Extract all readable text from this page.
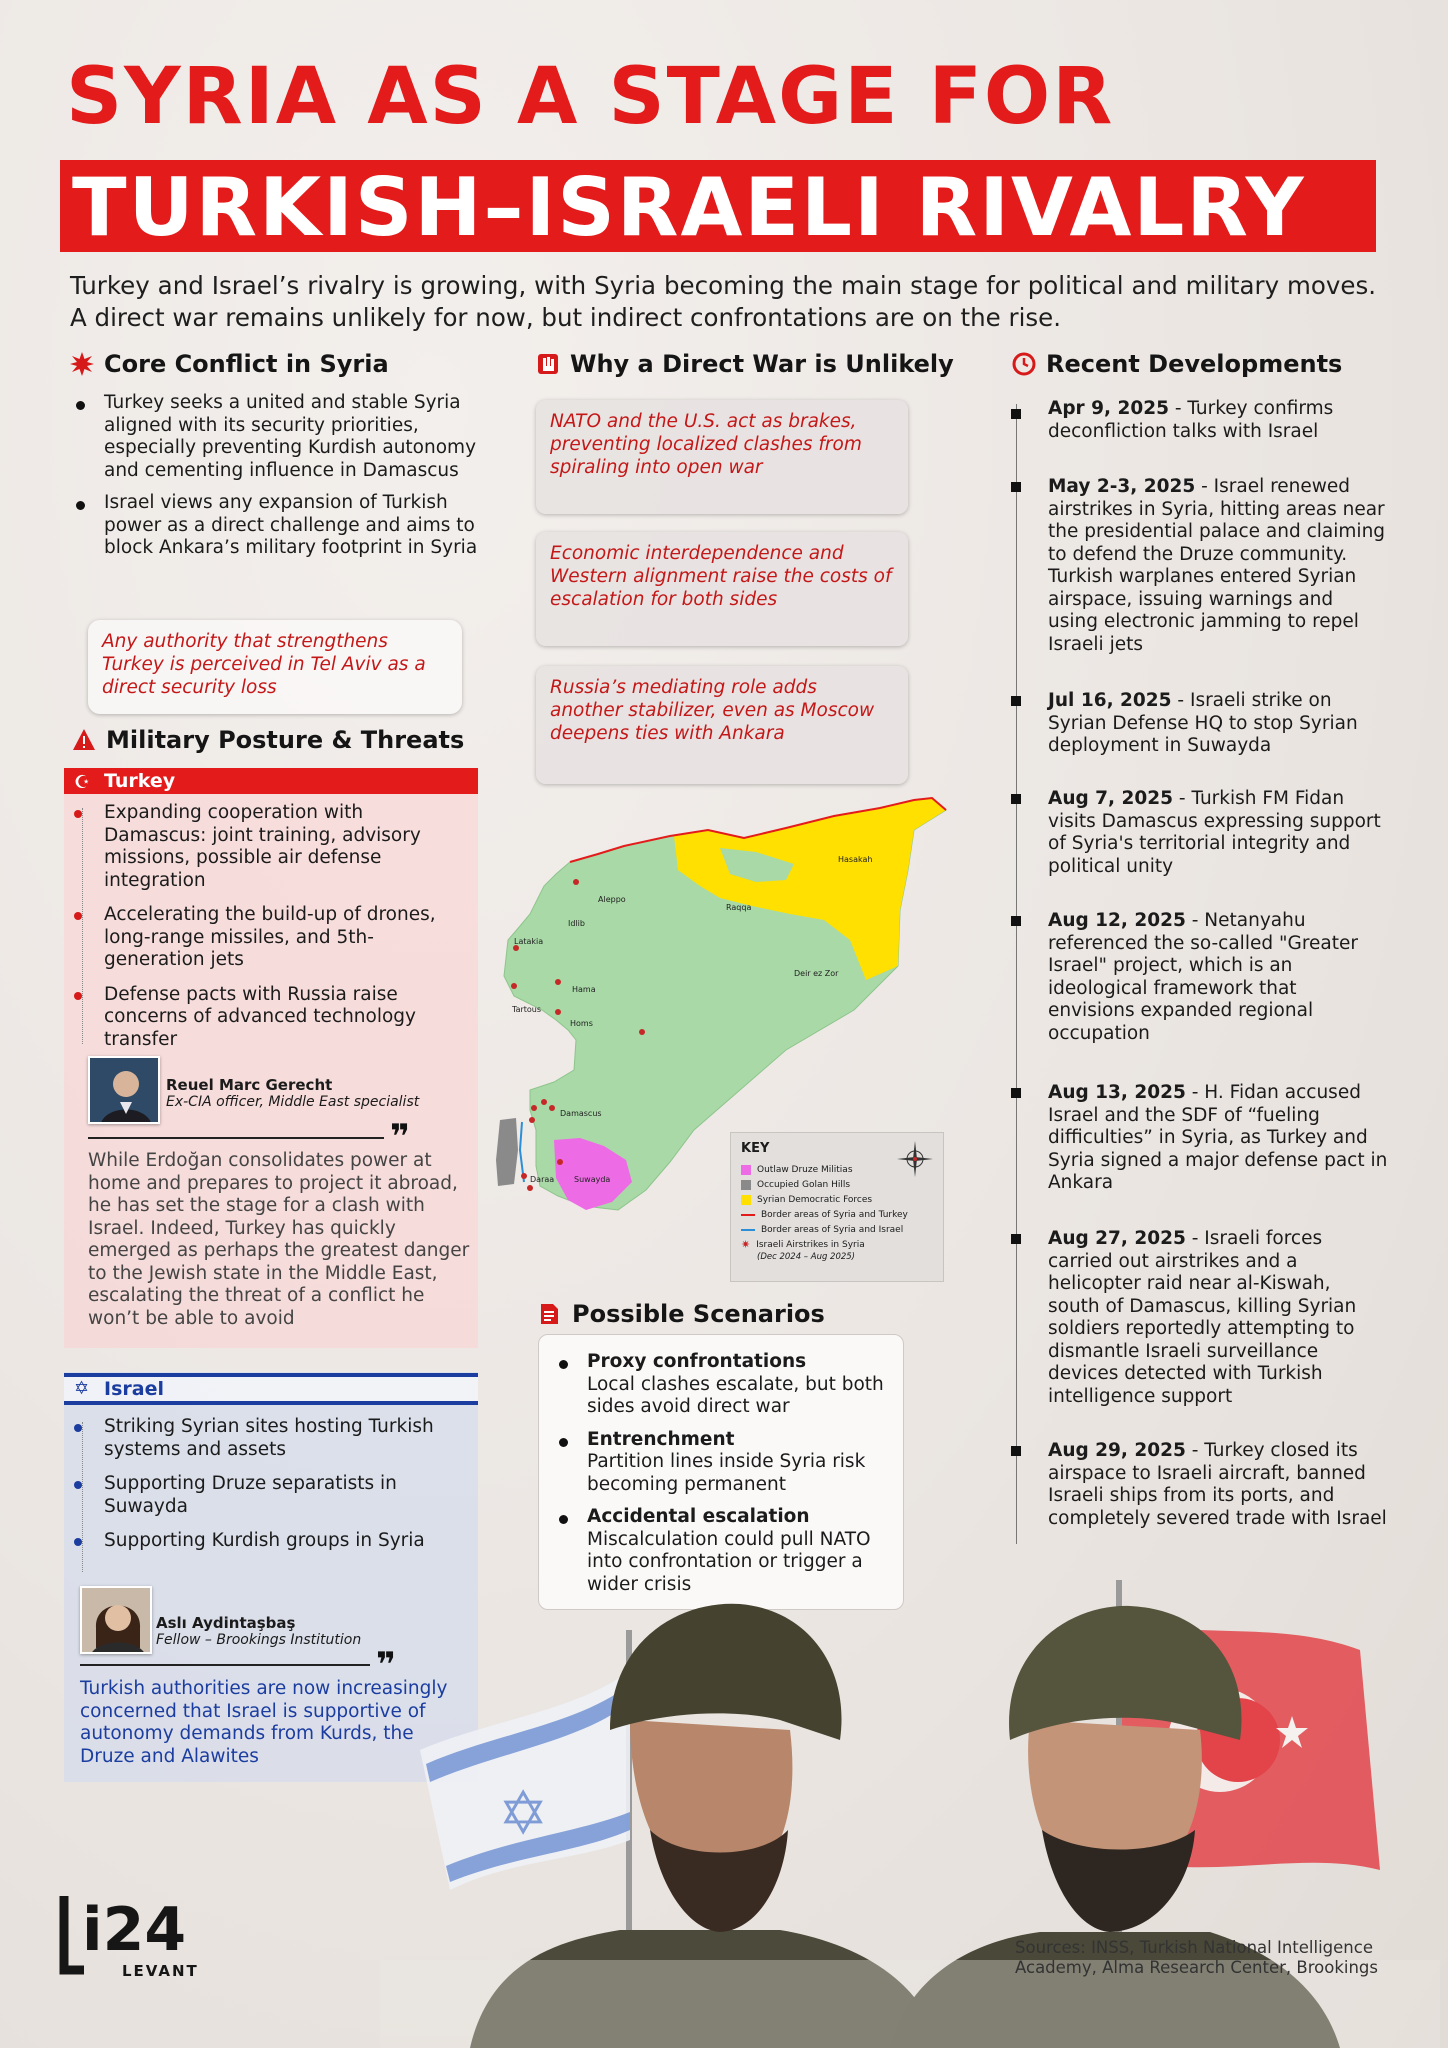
SYRIA AS A STAGE FOR
TURKISH–ISRAELI RIVALRY

Turkey and Israel’s rivalry is growing, with Syria becoming the main stage for political and military moves. A direct war remains unlikely for now, but indirect confrontations are on the rise.

Core Conflict in Syria
Turkey seeks a united and stable Syria aligned with its security priorities, especially preventing Kurdish autonomy and cementing influence in Damascus
Israel views any expansion of Turkish power as a direct challenge and aims to block Ankara’s military footprint in Syria
Any authority that strengthens Turkey is perceived in Tel Aviv as a direct security loss
Military Posture & Threats
☪ Turkey
Expanding cooperation with Damascus: joint training, advisory missions, possible air defense integration
Accelerating the build-up of drones, long-range missiles, and 5th-generation jets
Defense pacts with Russia raise concerns of advanced technology transfer
Reuel Marc Gerecht
Ex-CIA officer, Middle East specialist
❞
While Erdoğan consolidates power at home and prepares to project it abroad, he has set the stage for a clash with Israel. Indeed, Turkey has quickly emerged as perhaps the greatest danger to the Jewish state in the Middle East, escalating the threat of a conflict he won’t be able to avoid
✡ Israel
Striking Syrian sites hosting Turkish systems and assets
Supporting Druze separatists in Suwayda
Supporting Kurdish groups in Syria
Aslı Aydintaşbaş
Fellow – Brookings Institution
❞
Turkish authorities are now increasingly concerned that Israel is supportive of autonomy demands from Kurds, the Druze and Alawites
Why a Direct War is Unlikely
NATO and the U.S. act as brakes, preventing localized clashes from spiraling into open war
Economic interdependence and Western alignment raise the costs of escalation for both sides
Russia’s mediating role adds another stabilizer, even as Moscow deepens ties with Ankara
Hasakah
Aleppo
Raqqa
Idlib
Latakia
Deir ez Zor
Hama
Tartous
Homs
Damascus
Daraa Suwayda
KEY
Outlaw Druze Militias
Occupied Golan Hills
Syrian Democratic Forces
Border areas of Syria and Turkey
Border areas of Syria and Israel
✷ Israeli Airstrikes in Syria
(Dec 2024 – Aug 2025)
Possible Scenarios
Proxy confrontations
Local clashes escalate, but both sides avoid direct war
Entrenchment
Partition lines inside Syria risk becoming permanent
Accidental escalation
Miscalculation could pull NATO into confrontation or trigger a wider crisis
Recent Developments
Apr 9, 2025 - Turkey confirms deconfliction talks with Israel
May 2-3, 2025 - Israel renewed airstrikes in Syria, hitting areas near the presidential palace and claiming to defend the Druze community. Turkish warplanes entered Syrian airspace, issuing warnings and using electronic jamming to repel Israeli jets
Jul 16, 2025 - Israeli strike on Syrian Defense HQ to stop Syrian deployment in Suwayda
Aug 7, 2025 - Turkish FM Fidan visits Damascus expressing support of Syria's territorial integrity and political unity
Aug 12, 2025 - Netanyahu referenced the so-called "Greater Israel" project, which is an ideological framework that envisions expanded regional occupation
Aug 13, 2025 - H. Fidan accused Israel and the SDF of “fueling difficulties” in Syria, as Turkey and Syria signed a major defense pact in Ankara
Aug 27, 2025 - Israeli forces carried out airstrikes and a helicopter raid near al-Kiswah, south of Damascus, killing Syrian soldiers reportedly attempting to dismantle Israeli surveillance devices detected with Turkish intelligence support
Aug 29, 2025 - Turkey closed its airspace to Israeli aircraft, banned Israeli ships from its ports, and completely severed trade with Israel
✡
i24
LEVANT
Sources: INSS, Turkish National Intelligence Academy, Alma Research Center, Brookings
